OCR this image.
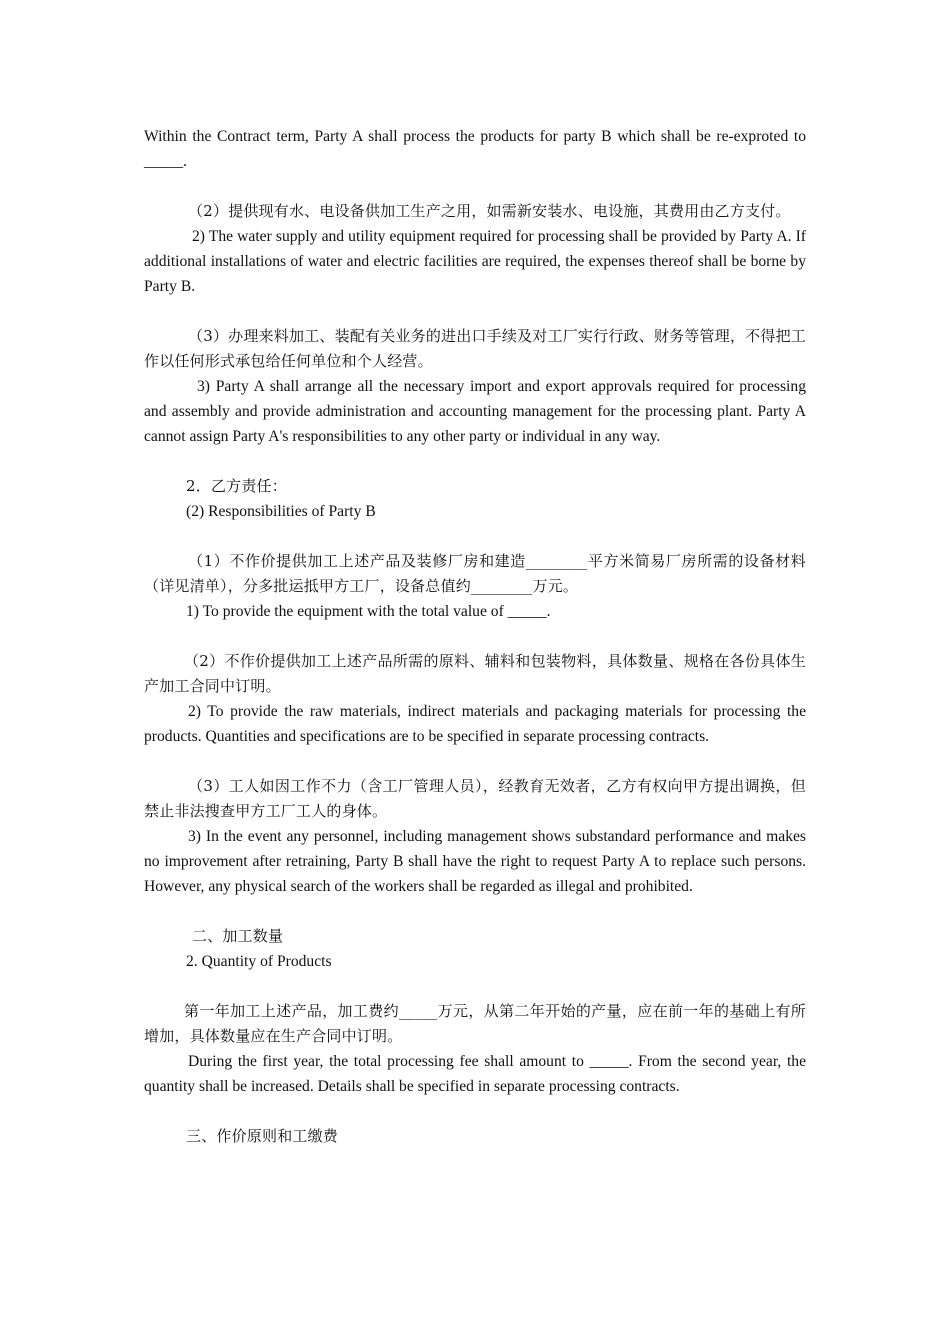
Within the Contract term, Party A shall process the products for party B which shall be re-exproted to _____.

（2）提供现有水、电设备供加工生产之用，如需新安装水、电设施，其费用由乙方支付。

2) The water supply and utility equipment required for processing shall be provided by Party A. If additional installations of water and electric facilities are required, the expenses thereof shall be borne by Party B.

（3）办理来料加工、装配有关业务的进出口手续及对工厂实行行政、财务等管理，不得把工作以任何形式承包给任何单位和个人经营。

3) Party A shall arrange all the necessary import and export approvals required for processing and assembly and provide administration and accounting management for the processing plant. Party A cannot assign Party A's responsibilities to any other party or individual in any way.

2．乙方责任：

(2) Responsibilities of Party B

（1）不作价提供加工上述产品及装修厂房和建造________平方米简易厂房所需的设备材料（详见清单），分多批运抵甲方工厂，设备总值约________万元。

1) To provide the equipment with the total value of _____.

（2）不作价提供加工上述产品所需的原料、辅料和包装物料，具体数量、规格在各份具体生产加工合同中订明。

2) To provide the raw materials, indirect materials and packaging materials for processing the products. Quantities and specifications are to be specified in separate processing contracts.

（3）工人如因工作不力（含工厂管理人员），经教育无效者，乙方有权向甲方提出调换，但禁止非法搜查甲方工厂工人的身体。

3) In the event any personnel, including management shows substandard performance and makes no improvement after retraining, Party B shall have the right to request Party A to replace such persons. However, any physical search of the workers shall be regarded as illegal and prohibited.

二、加工数量

2. Quantity of Products

第一年加工上述产品，加工费约_____万元，从第二年开始的产量，应在前一年的基础上有所增加，具体数量应在生产合同中订明。

During the first year, the total processing fee shall amount to _____. From the second year, the quantity shall be increased. Details shall be specified in separate processing contracts.

三、作价原则和工缴费
